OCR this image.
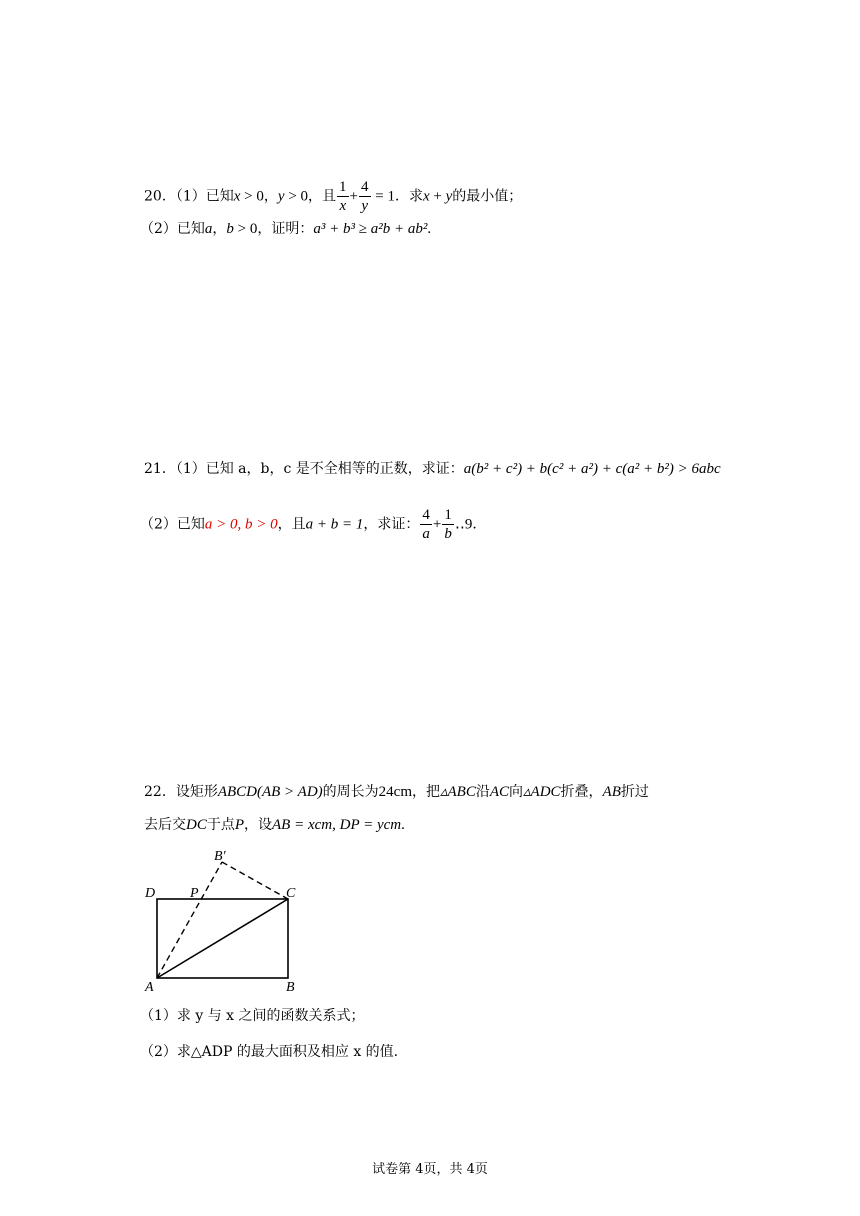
20．（1）已知x > 0，y > 0，且 $\frac{1}{x} + \frac{4}{y} = 1$．求x + y的最小值；
（2）已知a，b > 0，证明：a³ + b³ ≥ a²b + ab².
21．（1）已知 a，b，c 是不全相等的正数，求证：a(b² + c²) + b(c² + a²) + c(a² + b²) > 6abc
（2）已知a > 0, b > 0，且a + b = 1，求证： $\frac{4}{a} + \frac{1}{b}$ ‥9．
22．设矩形ABCD(AB > AD)的周长为24cm，把▵ABC沿AC向▵ADC折叠，AB折过
去后交DC于点P，设AB = xcm, DP = ycm.
A	B
C
D P
B′
（1）求 y 与 x 之间的函数关系式；
（2）求△ADP 的最大面积及相应 x 的值.
试卷第 4页，共 4页
